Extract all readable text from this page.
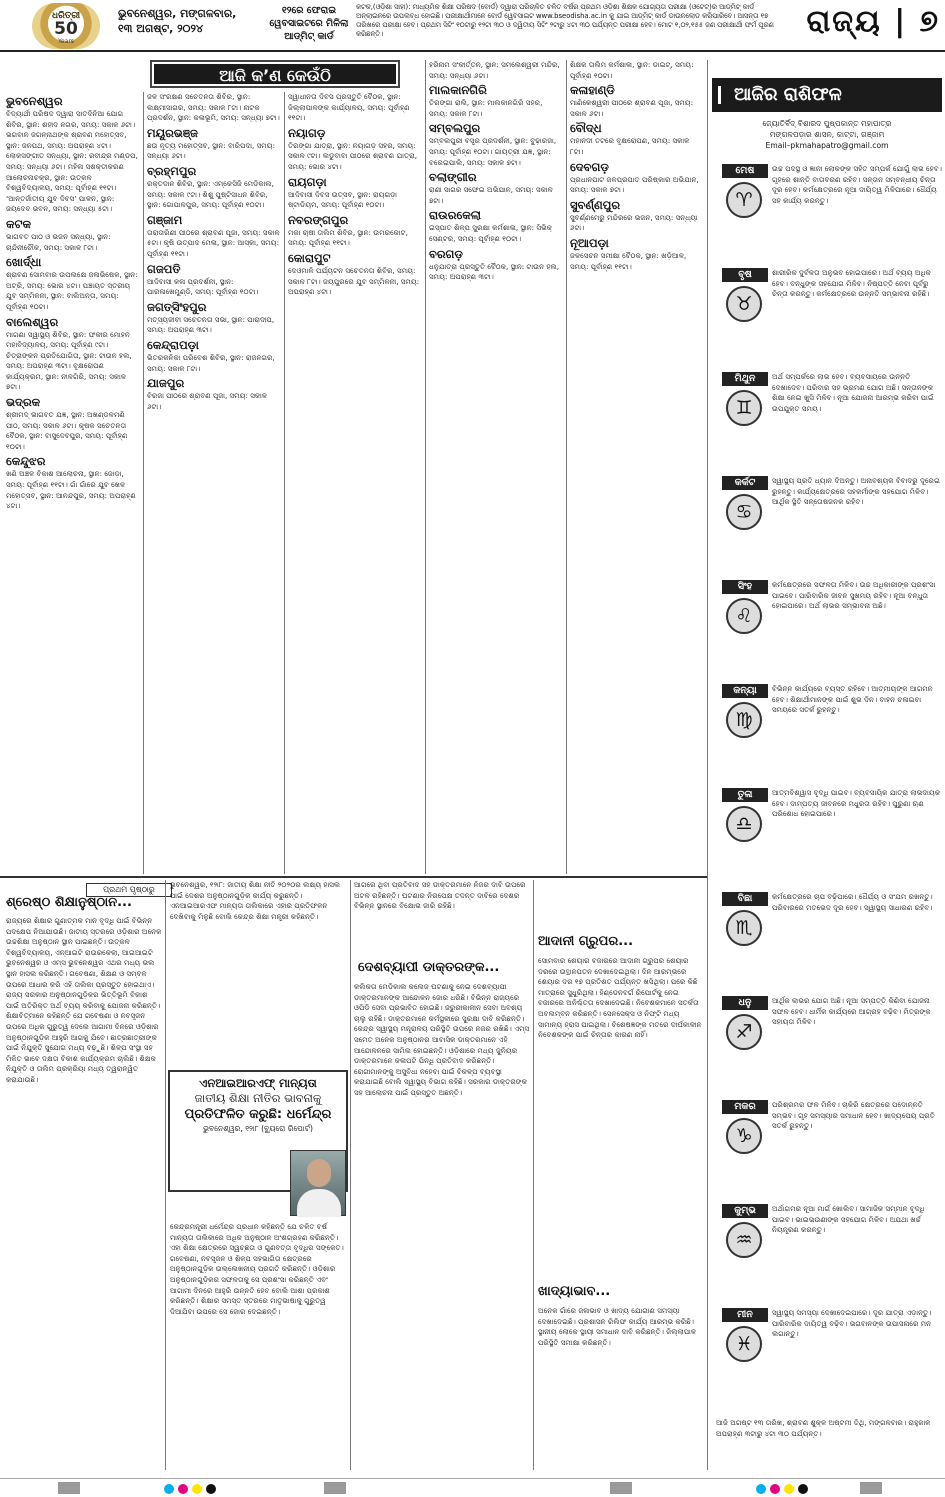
ଧରିତ୍ରୀ
50
Years
ଭୁବନେଶ୍ୱର, ମଙ୍ଗଳବାର,
୧୩ ଅଗଷ୍ଟ, ୨୦୨୪
୧୨ରେ ଫେରାଇ ୱେବସାଇଟରେ ମିଳିଲା ଆଡ୍‌ମିଟ୍ କାର୍ଡ
କଟକ,(ଓଡ଼ିଶା ସାହା): ମାଧ୍ୟମିକ ଶିକ୍ଷା ପରିଷଦ (ବୋର୍ଡ) ଦ୍ୱାରା ପରିଚାଳିତ ଚଳିତ ବର୍ଷର ପ୍ରଥମ ଓଡ଼ିଶା ଶିକ୍ଷକ ଯୋଗ୍ୟତା ପରୀକ୍ଷା (ଓଟେଟ୍)ର ଆଡ୍‌ମିଟ୍ କାର୍ଡ ଅନ୍‌ଲାଇନରେ ଉପଲବ୍ଧ ହୋଇଛି। ପରୀକ୍ଷାର୍ଥୀମାନେ ବୋର୍ଡ ୱେବସାଇଟ www.bseodisha.ac.in କୁ ଯାଇ ଆଡ୍‌ମିଟ୍ କାର୍ଡ ଡାଉନଲୋଡ କରିପାରିବେ। ଆସନ୍ତା ୧୭ ତାରିଖରେ ପରୀକ୍ଷା ହେବ। ପ୍ରଥମ ସିଟିଂ ୧୦ଟାରୁ ୧୨ଟା ୩୦ ଓ ଦ୍ୱିତୀୟ ସିଟିଂ ୨ଟାରୁ ୪ଟା ୩୦ ପର୍ଯ୍ୟନ୍ତ ପରୀକ୍ଷା ହେବ। ମୋଟ ୧,୦୨,୧୫୫ ଜଣ ପରୀକ୍ଷାର୍ଥୀ ଫର୍ମ ପୂରଣ କରିଛନ୍ତି।	ରାଜ୍ୟ | ୭
ଆଜି କ’ଣ କେଉଁଠି
ଭୁବନେଶ୍ୱର

ବିଦ୍ୟାର୍ଥୀ ପରିଷଦ ଦ୍ୱାରା ସାତଦିନିଆ ଯୋଗ ଶିବିର, ସ୍ଥାନ: ଶହୀଦ ନଗର, ସମୟ: ସକାଳ ୬ଟା। ଭଗବାନ ଜଗନ୍ନାଥଙ୍କ ଶ୍ରାବଣ ମହୋତ୍ସବ, ସ୍ଥାନ: ଜନପଥ, ସମୟ: ଅପରାହ୍ଣ ୪ଟା। ଲୋକସଙ୍ଗୀତ ସନ୍ଧ୍ୟା, ସ୍ଥାନ: ରବୀନ୍ଦ୍ର ମଣ୍ଡପ, ସମୟ: ସନ୍ଧ୍ୟା ୬ଟା। ମହିଳା ସଶକ୍ତୀକରଣ ଆଲୋଚନାଚକ୍ର, ସ୍ଥାନ: ଉତ୍କଳ ବିଶ୍ୱବିଦ୍ୟାଳୟ, ସମୟ: ପୂର୍ବାହ୍ଣ ୧୧ଟା। ‘ଆନ୍ତର୍ଜାତୀୟ ଯୁବ ଦିବସ’ ପାଳନ, ସ୍ଥାନ: ଜୟଦେବ ଭବନ, ସମୟ: ସନ୍ଧ୍ୟା ୫ଟା।

କଟକ

ଭାଗବତ ପାଠ ଓ ଭଜନ ସନ୍ଧ୍ୟା, ସ୍ଥାନ: ଚାନ୍ଦିନୀଚୌକ, ସମୟ: ସକାଳ ୮ଟା।

ଖୋର୍ଦ୍ଧା

ଶ୍ରାବଣ ସୋମବାର ଉପଲକ୍ଷେ ଜଳାଭିଷେକ, ସ୍ଥାନ: ଅଟ୍ରି, ସମୟ: ଭୋର ୪ଟା। ପଞ୍ଚାୟତ ସ୍ତରୀୟ ଯୁବ ସମ୍ମିଳନୀ, ସ୍ଥାନ: ବାଲିଅନ୍ତା, ସମୟ: ପୂର୍ବାହ୍ଣ ୧୦ଟା।

ବାଲେଶ୍ୱର

ମାଗଣା ସ୍ୱାସ୍ଥ୍ୟ ଶିବିର, ସ୍ଥାନ: ଫକୀର ମୋହନ ମହାବିଦ୍ୟାଳୟ, ସମୟ: ପୂର୍ବାହ୍ଣ ୯ଟା। ଚିତ୍ରାଙ୍କନ ପ୍ରତିଯୋଗିତା, ସ୍ଥାନ: ଟାଉନ ହଲ, ସମୟ: ଅପରାହ୍ଣ ୩ଟା। ବୃକ୍ଷରୋପଣ କାର୍ଯ୍ୟକ୍ରମ, ସ୍ଥାନ: ନୀଳଗିରି, ସମୟ: ସକାଳ ୭ଟା।

ଭଦ୍ରକ

ଶ୍ରୀମଦ୍ ଭାଗବତ ଯଜ୍ଞ, ସ୍ଥାନ: ଅଖଣ୍ଡଳମଣି ପୀଠ, ସମୟ: ସକାଳ ୬ଟା। କୃଷକ ସଚେତନତା ବୈଠକ, ସ୍ଥାନ: ବାସୁଦେବପୁର, ସମୟ: ପୂର୍ବାହ୍ଣ ୧୦ଟା।

କେନ୍ଦୁଝର

ଖଣି ଅଞ୍ଚଳ ବିକାଶ ଆଲୋଚନା, ସ୍ଥାନ: ଜୋଡ଼ା, ସମୟ: ପୂର୍ବାହ୍ଣ ୧୧ଟା। ଗାଁ ଗାଁରେ ଯୁବ ଖେଳ ମହୋତ୍ସବ, ସ୍ଥାନ: ଆନନ୍ଦପୁର, ସମୟ: ଅପରାହ୍ଣ ୪ଟା।

ଜଳ ସଂରକ୍ଷଣ ସଚେତନତା ଶିବିର, ସ୍ଥାନ: ଲକ୍ଷ୍ମୀସାଗର, ସମୟ: ସକାଳ ୮ଟା। ନାଟକ ପ୍ରଦର୍ଶନ, ସ୍ଥାନ: କଳାଭୂମି, ସମୟ: ସନ୍ଧ୍ୟା ୭ଟା।

ମୟୂରଭଞ୍ଜ

ଛଉ ନୃତ୍ୟ ମହୋତ୍ସବ, ସ୍ଥାନ: ବାରିପଦା, ସମୟ: ସନ୍ଧ୍ୟା ୬ଟା।

ବ୍ରହ୍ମପୁର

ରକ୍ତଦାନ ଶିବିର, ସ୍ଥାନ: ଏମ୍‌କେସିଜି ମେଡିକାଲ, ସମୟ: ସକାଳ ୯ଟା। ଶିଶୁ ପୁଷ୍ଟିସାଧନ ଶିବିର, ସ୍ଥାନ: ଗୋପାଳପୁର, ସମୟ: ପୂର୍ବାହ୍ଣ ୧୦ଟା।

ଗଞ୍ଜାମ

ତାରାତାରିଣୀ ପୀଠରେ ଶ୍ରାବଣ ପୂଜା, ସମୟ: ସକାଳ ୫ଟା। କୃଷି ଉତ୍ପାଦ ମେଳା, ସ୍ଥାନ: ଆସ୍କା, ସମୟ: ପୂର୍ବାହ୍ଣ ୧୧ଟା।

ଗଜପତି

ଆଦିବାସୀ କଳା ପ୍ରଦର୍ଶନୀ, ସ୍ଥାନ: ପାରଳାଖେମୁଣ୍ଡି, ସମୟ: ପୂର୍ବାହ୍ଣ ୧୦ଟା।

ଜଗତ୍‌ସିଂହପୁର

ମତ୍ସ୍ୟଜୀବୀ ସଚେତନତା ସଭା, ସ୍ଥାନ: ପାରାଦୀପ, ସମୟ: ଅପରାହ୍ଣ ୩ଟା।

କେନ୍ଦ୍ରାପଡ଼ା

ଭିତରକନିକା ପରିବେଶ ଶିବିର, ସ୍ଥାନ: ରାଜନଗର, ସମୟ: ସକାଳ ୮ଟା।

ଯାଜପୁର

ବିରଜା ପୀଠରେ ଶ୍ରାବଣ ପୂଜା, ସମୟ: ସକାଳ ୬ଟା।

ସ୍ୱାଧୀନତା ଦିବସ ପ୍ରସ୍ତୁତି ବୈଠକ, ସ୍ଥାନ: ଜିଲ୍ଲାପାଳଙ୍କ କାର୍ଯ୍ୟାଳୟ, ସମୟ: ପୂର୍ବାହ୍ଣ ୧୧ଟା।

ନୟାଗଡ଼

ତିରଙ୍ଗା ଯାତ୍ରା, ସ୍ଥାନ: ନୟାଗଡ଼ ସହର, ସମୟ: ସକାଳ ୯ଟା। ଲଡୁବାବା ପୀଠରେ ଶ୍ରାବଣ ଯାତ୍ରା, ସମୟ: ଭୋର ୪ଟା।

ରାୟଗଡ଼ା

ଆଦିବାସୀ ଦିବସ ଉତ୍ସବ, ସ୍ଥାନ: ରାୟଗଡ଼ା ଷ୍ଟାଡିୟମ, ସମୟ: ପୂର୍ବାହ୍ଣ ୧୦ଟା।

ନବରଙ୍ଗପୁର

ମକା ଚାଷୀ ତାଲିମ ଶିବିର, ସ୍ଥାନ: ଉମରକୋଟ, ସମୟ: ପୂର୍ବାହ୍ଣ ୧୧ଟା।

କୋରାପୁଟ

ଦେଓମାଳି ପର୍ଯ୍ୟଟନ ସଚେତନତା ଶିବିର, ସମୟ: ସକାଳ ୮ଟା। ଜୟପୁରରେ ଯୁବ ସମ୍ମିଳନୀ, ସମୟ: ଅପରାହ୍ଣ ୪ଟା।

ହରିନାମ ସଂକୀର୍ତ୍ତନ, ସ୍ଥାନ: ସମଲେଶ୍ୱରୀ ମନ୍ଦିର, ସମୟ: ସନ୍ଧ୍ୟା ୬ଟା।

ମାଲକାନଗିରି

ତିରଙ୍ଗା ରାଲି, ସ୍ଥାନ: ମାଲକାନଗିରି ସହର, ସମୟ: ସକାଳ ୮ଟା।

ସମ୍ବଲପୁର

ସମ୍ବଲପୁରୀ ବସ୍ତ୍ର ପ୍ରଦର୍ଶନୀ, ସ୍ଥାନ: ବୁଢ଼ାରଜା, ସମୟ: ପୂର୍ବାହ୍ଣ ୧୦ଟା। ଗାୟତ୍ରୀ ଯଜ୍ଞ, ସ୍ଥାନ: ବରେଇପାଲି, ସମୟ: ସକାଳ ୭ଟା।

ବଲାଙ୍ଗୀର

ରାଣୀ ସାଗର ସଫେଇ ଅଭିଯାନ, ସମୟ: ସକାଳ ୭ଟା।

ରାଉରକେଲା

ଇସ୍ପାତ ଶିଳ୍ପ ସୁରକ୍ଷା କର୍ମଶାଳା, ସ୍ଥାନ: ସିଭିକ୍ ସେଣ୍ଟର, ସମୟ: ପୂର୍ବାହ୍ଣ ୧୦ଟା।

ବରଗଡ଼

ଧନୁଯାତ୍ରା ପ୍ରସ୍ତୁତି ବୈଠକ, ସ୍ଥାନ: ଟାଉନ ହଲ, ସମୟ: ଅପରାହ୍ଣ ୩ଟା।

ଶିକ୍ଷକ ତାଲିମ କର୍ମଶାଳା, ସ୍ଥାନ: ଡାଇଟ୍, ସମୟ: ପୂର୍ବାହ୍ଣ ୧୦ଟା।

କଳାହାଣ୍ଡି

ମାଣିକେଶ୍ୱରୀ ପୀଠରେ ଶ୍ରାବଣ ପୂଜା, ସମୟ: ସକାଳ ୬ଟା।

ବୌଦ୍ଧ

ମହାନଦୀ ତଟରେ ବୃକ୍ଷରୋପଣ, ସମୟ: ସକାଳ ୮ଟା।

ଦେବଗଡ଼

ପ୍ରଧାନପାଟ ଜଳପ୍ରପାତ ପରିଷ୍କାର ଅଭିଯାନ, ସମୟ: ସକାଳ ୭ଟା।

ସୁବର୍ଣ୍ଣପୁର

ସୁବର୍ଣ୍ଣମେରୁ ମନ୍ଦିରରେ ଭଜନ, ସମୟ: ସନ୍ଧ୍ୟା ୬ଟା।

ନୂଆପଡ଼ା

ଜଳସେଚନ ସମୀକ୍ଷା ବୈଠକ, ସ୍ଥାନ: ଖଡ଼ିଆଳ, ସମୟ: ପୂର୍ବାହ୍ଣ ୧୧ଟା।

ଆଜିର ରାଶିଫଳ
ଜ୍ୟୋତିର୍ବିଦ୍ ବିଶାରଦ ପୁଷ୍ପକାନ୍ତ ମହାପାତ୍ର
ମଙ୍ଗଳପଡ଼ାର ଶାସନ, କାଟ୍ଟା, ଗଞ୍ଜାମ
Email–pkmahapatro@gmail.com
ମେଷ
♈
ଉଚ୍ଚ ପଦସ୍ଥ ଓ ଜ୍ଞାନୀ ଲୋକଙ୍କ ସହିତ ସମ୍ପର୍କ ଯୋଗୁଁ ଲାଭ ହେବ। ଗୃହରେ ଶାନ୍ତି ବାତାବରଣ ରହିବ। ସନ୍ତାନ ସମ୍ବନ୍ଧୀୟ ଚିନ୍ତା ଦୂର ହେବ। କର୍ମକ୍ଷେତ୍ରରେ ନୂଆ ଦାୟିତ୍ୱ ମିଳିପାରେ। ଧୈର୍ଯ୍ୟ ସହ କାର୍ଯ୍ୟ କରନ୍ତୁ।
ବୃଷ
♉
ଶାରୀରିକ ଦୁର୍ବଳତା ଅନୁଭବ ହୋଇପାରେ। ଅର୍ଥ ବ୍ୟୟ ଅଧିକ ହେବ। ବନ୍ଧୁଙ୍କ ସହଯୋଗ ମିଳିବ। ନିଷ୍ପତ୍ତି ନେବା ପୂର୍ବରୁ ଚିନ୍ତା କରନ୍ତୁ। କର୍ମକ୍ଷେତ୍ରରେ ଉନ୍ନତି ସମ୍ଭାବନା ରହିଛି।
ମିଥୁନ
♊
ଅର୍ଥ ସମ୍ପର୍କରେ ଲାଭ ହେବ। ବ୍ୟବସାୟରେ ଉନ୍ନତି ଦେଖାଦେବ। ପରିବାର ସହ ଭ୍ରମଣ ଯୋଗ ଅଛି। ସନ୍ତାନଙ୍କ ଶିକ୍ଷା ନେଇ ଖୁସି ମିଳିବ। ନୂଆ ଯୋଜନା ଆରମ୍ଭ କରିବା ପାଇଁ ଉପଯୁକ୍ତ ସମୟ।
କର୍କଟ
♋
ସ୍ୱାସ୍ଥ୍ୟ ପ୍ରତି ଧ୍ୟାନ ଦିଅନ୍ତୁ। ଅନାବଶ୍ୟକ ବିବାଦରୁ ଦୂରେଇ ରୁହନ୍ତୁ। କାର୍ଯ୍ୟକ୍ଷେତ୍ରରେ ସହକର୍ମୀଙ୍କ ସହଯୋଗ ମିଳିବ। ଆର୍ଥିକ ସ୍ଥିତି ସନ୍ତୋଷଜନକ ରହିବ।
ସିଂହ
♌
କର୍ମକ୍ଷେତ୍ରରେ ସଫଳତା ମିଳିବ। ଉଚ୍ଚ ଅଧିକାରୀଙ୍କ ପ୍ରଶଂସା ପାଇବେ। ପାରିବାରିକ ଜୀବନ ସୁଖମୟ ରହିବ। ନୂଆ ବନ୍ଧୁତା ହୋଇପାରେ। ଅର୍ଥ ଲାଭର ସମ୍ଭାବନା ଅଛି।
କନ୍ୟା
♍
ବିଭିନ୍ନ କାର୍ଯ୍ୟରେ ବ୍ୟସ୍ତ ରହିବେ। ଆତ୍ମୀୟଙ୍କ ଆଗମନ ହେବ। ଶିକ୍ଷାର୍ଥୀମାନଙ୍କ ପାଇଁ ଶୁଭ ଦିନ। ବାହନ ଚଳାଇବା ସମୟରେ ସତର୍କ ରୁହନ୍ତୁ।
ତୁଳା
♎
ଆତ୍ମବିଶ୍ୱାସ ବୃଦ୍ଧି ପାଇବ। ବ୍ୟବସାୟିକ ଯାତ୍ରା ଲାଭଦାୟକ ହେବ। ଦାମ୍ପତ୍ୟ ଜୀବନରେ ମଧୁରତା ରହିବ। ପୁରୁଣା ଋଣ ପରିଶୋଧ ହୋଇପାରେ।
ବିଛା
♏
କର୍ମକ୍ଷେତ୍ରରେ ଚାପ ବଢ଼ିପାରେ। ଧୈର୍ଯ୍ୟ ଓ ସଂଯମ ରଖନ୍ତୁ। ପରିବାରରେ ମତଭେଦ ଦୂର ହେବ। ସ୍ୱାସ୍ଥ୍ୟ ସାଧାରଣ ରହିବ।
ଧନୁ
♐
ଆର୍ଥିକ ଲାଭର ଯୋଗ ଅଛି। ନୂଆ ସମ୍ପତ୍ତି କିଣିବା ଯୋଜନା ସଫଳ ହେବ। ଧାର୍ମିକ କାର୍ଯ୍ୟରେ ଆଗ୍ରହ ବଢ଼ିବ। ମିତ୍ରଙ୍କ ସହାୟତା ମିଳିବ।
ମକର
♑
ପରିଶ୍ରମର ଫଳ ମିଳିବ। ଚାକିରି କ୍ଷେତ୍ରରେ ପଦୋନ୍ନତି ସମ୍ଭବ। ଗୃହ ସମସ୍ୟାର ସମାଧାନ ହେବ। ଖାଦ୍ୟପେୟ ପ୍ରତି ସତର୍କ ରୁହନ୍ତୁ।
କୁମ୍ଭ
♒
ଅର୍ଥାଗମର ନୂଆ ମାର୍ଗ ଖୋଲିବ। ସାମାଜିକ ସମ୍ମାନ ବୃଦ୍ଧି ପାଇବ। ଭାଇଭଉଣୀଙ୍କ ସହଯୋଗ ମିଳିବ। ଅଯଥା ଖର୍ଚ୍ଚ ନିୟନ୍ତ୍ରଣ କରନ୍ତୁ।
ମୀନ
♓
ସ୍ୱାସ୍ଥ୍ୟ ସମସ୍ୟା ଦେଖାଦେଇପାରେ। ଦୂର ଯାତ୍ରା ଏଡ଼ାନ୍ତୁ। ପାରିବାରିକ ଦାୟିତ୍ୱ ବଢ଼ିବ। ଭଗବାନଙ୍କ ଉପାସନାରେ ମନ ଲଗାନ୍ତୁ।
ଆଜି ଅଗଷ୍ଟ ୧୩ ତାରିଖ, ଶ୍ରାବଣ ଶୁକ୍ଳ ଅଷ୍ଟମୀ ତିଥି, ମଙ୍ଗଳବାର। ରାହୁକାଳ ଅପରାହ୍ଣ ୩ଟାରୁ ୪ଟା ୩୦ ପର୍ଯ୍ୟନ୍ତ।
ପ୍ରଥମ ପୃଷ୍ଠାରୁ
ଶ୍ରେଷ୍ଠ ଶିକ୍ଷାନୁଷ୍ଠାନ...

ରାଜ୍ୟରେ ଶିକ୍ଷାର ଗୁଣାତ୍ମକ ମାନ ବୃଦ୍ଧି ପାଇଁ ବିଭିନ୍ନ ପଦକ୍ଷେପ ନିଆଯାଉଛି। ଜାତୀୟ ସ୍ତରରେ ଓଡ଼ିଶାର ଅନେକ ଉଚ୍ଚଶିକ୍ଷା ଅନୁଷ୍ଠାନ ସ୍ଥାନ ପାଇଛନ୍ତି। ଉତ୍କଳ ବିଶ୍ୱବିଦ୍ୟାଳୟ, ଏନ୍ଆଇଟି ରାଉରକେଲା, ଆଇଆଇଟି ଭୁବନେଶ୍ୱର ଓ ଏମ୍ସ ଭୁବନେଶ୍ୱର ଏଥର ମଧ୍ୟ ଭଲ ସ୍ଥାନ ହାସଲ କରିଛନ୍ତି। ଗବେଷଣା, ଶିକ୍ଷଣ ଓ ସମ୍ବଳ ଉପରେ ଆଧାର କରି ଏହି ତାଲିକା ପ୍ରସ୍ତୁତ ହୋଇଥାଏ। ରାଜ୍ୟ ସରକାର ଅନୁଷ୍ଠାନଗୁଡ଼ିକର ଭିତ୍ତିଭୂମି ବିକାଶ ପାଇଁ ଅତିରିକ୍ତ ଅର୍ଥ ବ୍ୟୟ କରିବାକୁ ଯୋଜନା କରିଛନ୍ତି। ଶିକ୍ଷାବିତ୍‌ମାନେ କହିଛନ୍ତି ଯେ ଗବେଷଣା ଓ ନବସୃଜନ ଉପରେ ଅଧିକ ଗୁରୁତ୍ୱ ଦେଲେ ଆଗାମୀ ଦିନରେ ଓଡ଼ିଶାର ଅନୁଷ୍ଠାନଗୁଡ଼ିକ ଆହୁରି ଆଗକୁ ଯିବେ। ଛାତ୍ରଛାତ୍ରୀଙ୍କ ପାଇଁ ନିଯୁକ୍ତି ସୁଯୋଗ ମଧ୍ୟ ବଢ଼ୁଛି। ଶିଳ୍ପ ସଂସ୍ଥା ସହ ମିଳିତ ଭାବେ ଦକ୍ଷତା ବିକାଶ କାର୍ଯ୍ୟକ୍ରମ ଚାଲିଛି। ଶିକ୍ଷକ ନିଯୁକ୍ତି ଓ ତାଲିମ ପ୍ରକ୍ରିୟା ମଧ୍ୟ ତ୍ୱରାନ୍ୱିତ କରାଯାଉଛି।

ଭୁବନେଶ୍ୱର, ୧୨ା୮: ଜାତୀୟ ଶିକ୍ଷା ନୀତି ୨୦୨୦ର ଲକ୍ଷ୍ୟ ହାସଲ ପାଇଁ ଦେଶର ଅନୁଷ୍ଠାନଗୁଡ଼ିକ କାର୍ଯ୍ୟ କରୁଛନ୍ତି। ଏନଆଇଆରଏଫ ମାନ୍ୟତା ତାଲିକାରେ ଏହାର ପ୍ରତିଫଳନ ଦେଖିବାକୁ ମିଳୁଛି ବୋଲି କେନ୍ଦ୍ର ଶିକ୍ଷା ମନ୍ତ୍ରୀ କହିଛନ୍ତି।

ଏନଆଇଆରଏଫ୍ ମାନ୍ୟତା
ଜାତୀୟ ଶିକ୍ଷା ନୀତିର ଭାବନାକୁ
ପ୍ରତିଫଳିତ କରୁଛି: ଧର୍ମେନ୍ଦ୍ର
ଭୁବନେଶ୍ୱର, ୧୨ା୮ (ବ୍ୟୁରୋ ରିପୋର୍ଟ)

କେନ୍ଦ୍ରମନ୍ତ୍ରୀ ଧର୍ମେନ୍ଦ୍ର ପ୍ରଧାନ କହିଛନ୍ତି ଯେ ଚଳିତ ବର୍ଷ ମାନ୍ୟତା ତାଲିକାରେ ଅଧିକ ଅନୁଷ୍ଠାନ ଅଂଶଗ୍ରହଣ କରିଛନ୍ତି। ଏହା ଶିକ୍ଷା କ୍ଷେତ୍ରରେ ସ୍ୱଚ୍ଛତା ଓ ଗୁଣବତ୍ତା ବୃଦ୍ଧିର ସଙ୍କେତ। ଗବେଷଣା, ନବସୃଜନ ଓ ଶିଳ୍ପ ସହଭାଗିତା କ୍ଷେତ୍ରରେ ଅନୁଷ୍ଠାନଗୁଡ଼ିକ ଉଲ୍ଲେଖନୀୟ ପ୍ରଗତି କରିଛନ୍ତି। ଓଡ଼ିଶାର ଅନୁଷ୍ଠାନଗୁଡ଼ିକର ସଫଳତାକୁ ସେ ପ୍ରଶଂସା କରିଛନ୍ତି ଏବଂ ଆଗାମୀ ଦିନରେ ଆହୁରି ଉନ୍ନତି ହେବ ବୋଲି ଆଶା ପ୍ରକାଶ କରିଛନ୍ତି। ଶିକ୍ଷାର ସମସ୍ତ ସ୍ତରରେ ମାତୃଭାଷାକୁ ଗୁରୁତ୍ୱ ଦିଆଯିବା ଉପରେ ସେ ଜୋର ଦେଇଛନ୍ତି।

ଆଗରେ ଥିବା ପ୍ରତିବାଦ ସହ ଡାକ୍ତରମାନେ ନିଜର ଦାବି ଉପରେ ଅଟଳ ରହିଛନ୍ତି। ଘଟଣାର ନିରପେକ୍ଷ ତଦନ୍ତ ଦାବିରେ ଦେଶର ବିଭିନ୍ନ ସ୍ଥାନରେ ବିକ୍ଷୋଭ ଜାରି ରହିଛି।

ଦେଶବ୍ୟାପୀ ଡାକ୍ତରଙ୍କ...

କଲିକତା ମେଡିକାଲ କଲେଜ ଘଟଣାକୁ ନେଇ ଦେଶବ୍ୟାପୀ ଡାକ୍ତରମାନଙ୍କ ଆନ୍ଦୋଳନ ଜୋର ଧରିଛି। ବିଭିନ୍ନ ରାଜ୍ୟରେ ଓପିଡି ସେବା ପ୍ରଭାବିତ ହୋଇଛି। ଜରୁରୀକାଳୀନ ସେବା ଅବଶ୍ୟ ଚାଲୁ ରହିଛି। ଡାକ୍ତରମାନେ କର୍ମସ୍ଥଳୀରେ ସୁରକ୍ଷା ଦାବି କରିଛନ୍ତି। କେନ୍ଦ୍ର ସ୍ୱାସ୍ଥ୍ୟ ମନ୍ତ୍ରାଳୟ ପରିସ୍ଥିତି ଉପରେ ନଜର ରଖିଛି। ଏମ୍ସ ସମେତ ଅନେକ ଅନୁଷ୍ଠାନର ଆବାସିକ ଡାକ୍ତରମାନେ ଏହି ଆନ୍ଦୋଳନରେ ସାମିଲ ହୋଇଛନ୍ତି। ଓଡ଼ିଶାରେ ମଧ୍ୟ ଜୁନିୟର ଡାକ୍ତରମାନେ କଳାପଟି ପିନ୍ଧି ପ୍ରତିବାଦ କରିଛନ୍ତି। ରୋଗୀମାନଙ୍କୁ ଅସୁବିଧା ନହେବା ପାଇଁ ବିକଳ୍ପ ବ୍ୟବସ୍ଥା କରାଯାଇଛି ବୋଲି ସ୍ୱାସ୍ଥ୍ୟ ବିଭାଗ କହିଛି। ସରକାର ଡାକ୍ତରଙ୍କ ସହ ଆଲୋଚନା ପାଇଁ ପ୍ରସ୍ତୁତ ଅଛନ୍ତି।

ଆଦାନୀ ଗ୍ରୁପର...

ସୋମବାର ଶେୟାର ବଜାରରେ ଆଦାନୀ ଗ୍ରୁପର ଶେୟାର ଦରରେ ଉତ୍ଥାନପତନ ଦେଖାଦେଇଥିଲା। ଦିନ ଆରମ୍ଭରେ ଶେୟାର ଦର ୧୭ ପ୍ରତିଶତ ପର୍ଯ୍ୟନ୍ତ ଖସିଥିଲା। ପରେ କିଛି ମାତ୍ରାରେ ସୁଧୁରିଥିଲା। ହିଣ୍ଡେନବର୍ଗ ରିପୋର୍ଟକୁ ନେଇ ବଜାରରେ ଅନିଶ୍ଚିତତା ଦେଖାଦେଇଛି। ନିବେଶକମାନେ ସତର୍କତା ଅବଲମ୍ବନ କରିଛନ୍ତି। ସେନସେକ୍ସ ଓ ନିଫ୍ଟି ମଧ୍ୟ ସାମାନ୍ୟ ହ୍ରାସ ପାଇଥିଲା। ବିଶେଷଜ୍ଞଙ୍କ ମତରେ ଦୀର୍ଘକାଳୀନ ନିବେଶକଙ୍କ ପାଇଁ ଚିନ୍ତାର କାରଣ ନାହିଁ।

ଖାଦ୍ୟାଭାବ...

ଅନେକ ଗାଁରେ ଜଳାଭାବ ଓ ଖାଦ୍ୟ ଯୋଗାଣ ସମସ୍ୟା ଦେଖାଦେଇଛି। ପ୍ରଶାସନ ରିଲିଫ କାର୍ଯ୍ୟ ଆରମ୍ଭ କରିଛି। ସ୍ଥାନୀୟ ଲୋକେ ସ୍ଥାୟୀ ସମାଧାନ ଦାବି କରିଛନ୍ତି। ଜିଲ୍ଲାପାଳ ପରିସ୍ଥିତି ସମୀକ୍ଷା କରିଛନ୍ତି।
